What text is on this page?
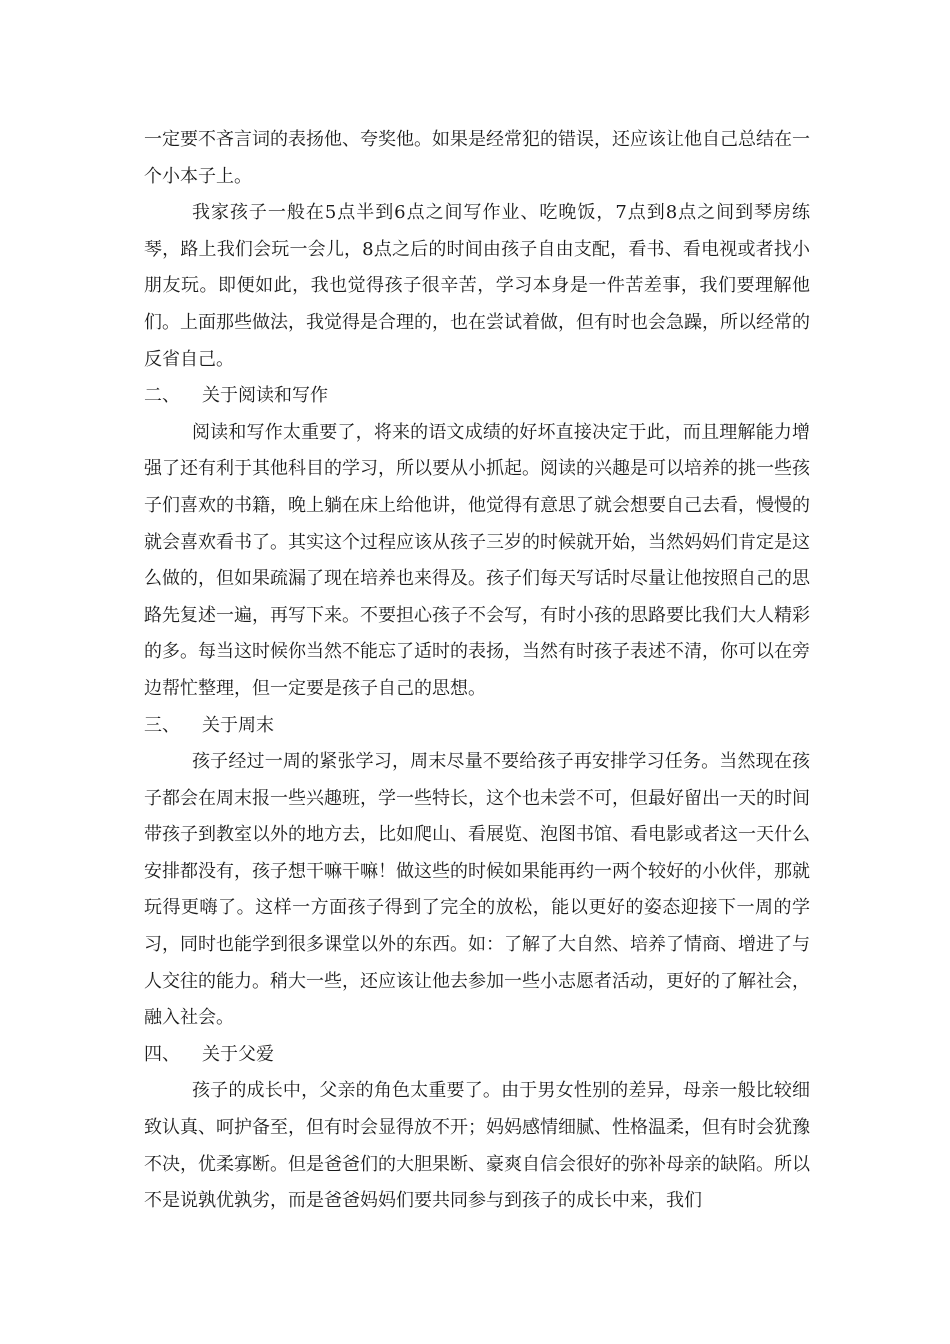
一定要不吝言词的表扬他、夸奖他。如果是经常犯的错误，还应该让他自己总结在一个小本子上。

我家孩子一般在5点半到6点之间写作业、吃晚饭，7点到8点之间到琴房练琴，路上我们会玩一会儿，8点之后的时间由孩子自由支配，看书、看电视或者找小朋友玩。即便如此，我也觉得孩子很辛苦，学习本身是一件苦差事，我们要理解他们。上面那些做法，我觉得是合理的，也在尝试着做，但有时也会急躁，所以经常的反省自己。

二、 关于阅读和写作

阅读和写作太重要了，将来的语文成绩的好坏直接决定于此，而且理解能力增强了还有利于其他科目的学习，所以要从小抓起。阅读的兴趣是可以培养的挑一些孩子们喜欢的书籍，晚上躺在床上给他讲，他觉得有意思了就会想要自己去看，慢慢的就会喜欢看书了。其实这个过程应该从孩子三岁的时候就开始，当然妈妈们肯定是这么做的，但如果疏漏了现在培养也来得及。孩子们每天写话时尽量让他按照自己的思路先复述一遍，再写下来。不要担心孩子不会写，有时小孩的思路要比我们大人精彩的多。每当这时候你当然不能忘了适时的表扬，当然有时孩子表述不清，你可以在旁边帮忙整理，但一定要是孩子自己的思想。

三、 关于周末

孩子经过一周的紧张学习，周末尽量不要给孩子再安排学习任务。当然现在孩子都会在周末报一些兴趣班，学一些特长，这个也未尝不可，但最好留出一天的时间带孩子到教室以外的地方去，比如爬山、看展览、泡图书馆、看电影或者这一天什么安排都没有，孩子想干嘛干嘛！做这些的时候如果能再约一两个较好的小伙伴，那就玩得更嗨了。这样一方面孩子得到了完全的放松，能以更好的姿态迎接下一周的学习，同时也能学到很多课堂以外的东西。如：了解了大自然、培养了情商、增进了与人交往的能力。稍大一些，还应该让他去参加一些小志愿者活动，更好的了解社会，融入社会。

四、 关于父爱

孩子的成长中，父亲的角色太重要了。由于男女性别的差异，母亲一般比较细致认真、呵护备至，但有时会显得放不开；妈妈感情细腻、性格温柔，但有时会犹豫不决，优柔寡断。但是爸爸们的大胆果断、豪爽自信会很好的弥补母亲的缺陷。所以不是说孰优孰劣，而是爸爸妈妈们要共同参与到孩子的成长中来，我们
